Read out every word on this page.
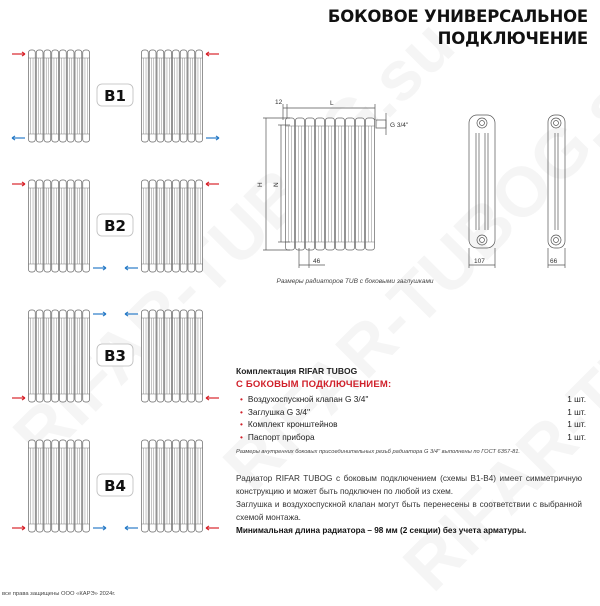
БОКОВОЕ УНИВЕРСАЛЬНОЕ
ПОДКЛЮЧЕНИЕ
B1
B2
B3
B4
12	L
H N
46
G 3/4''
107	66
Размеры радиаторов TUB с боковыми заглушками
Комплектация RIFAR TUBOG
С БОКОВЫМ ПОДКЛЮЧЕНИЕМ:
• Воздухоспускной клапан G 3/4''	1 шт.
• Заглушка G 3/4''	1 шт.
• Комплект кронштейнов	1 шт.
• Паспорт прибора	1 шт.
Размеры внутренних боковых присоединительных резьб радиатора G 3/4'' выполнены по ГОСТ 6357-81.

Радиатор RIFAR TUBOG с боковым подключением (схемы B1-B4) имеет симметричную конструкцию и может быть подключен по любой из схем.

Заглушка и воздухоспускной клапан могут быть перенесены в соответствии с выбранной схемой монтажа.

Минимальная длина радиатора – 98 мм (2 секции) без учета арматуры.

все права защищены ООО «КАРЭ» 2024г.
